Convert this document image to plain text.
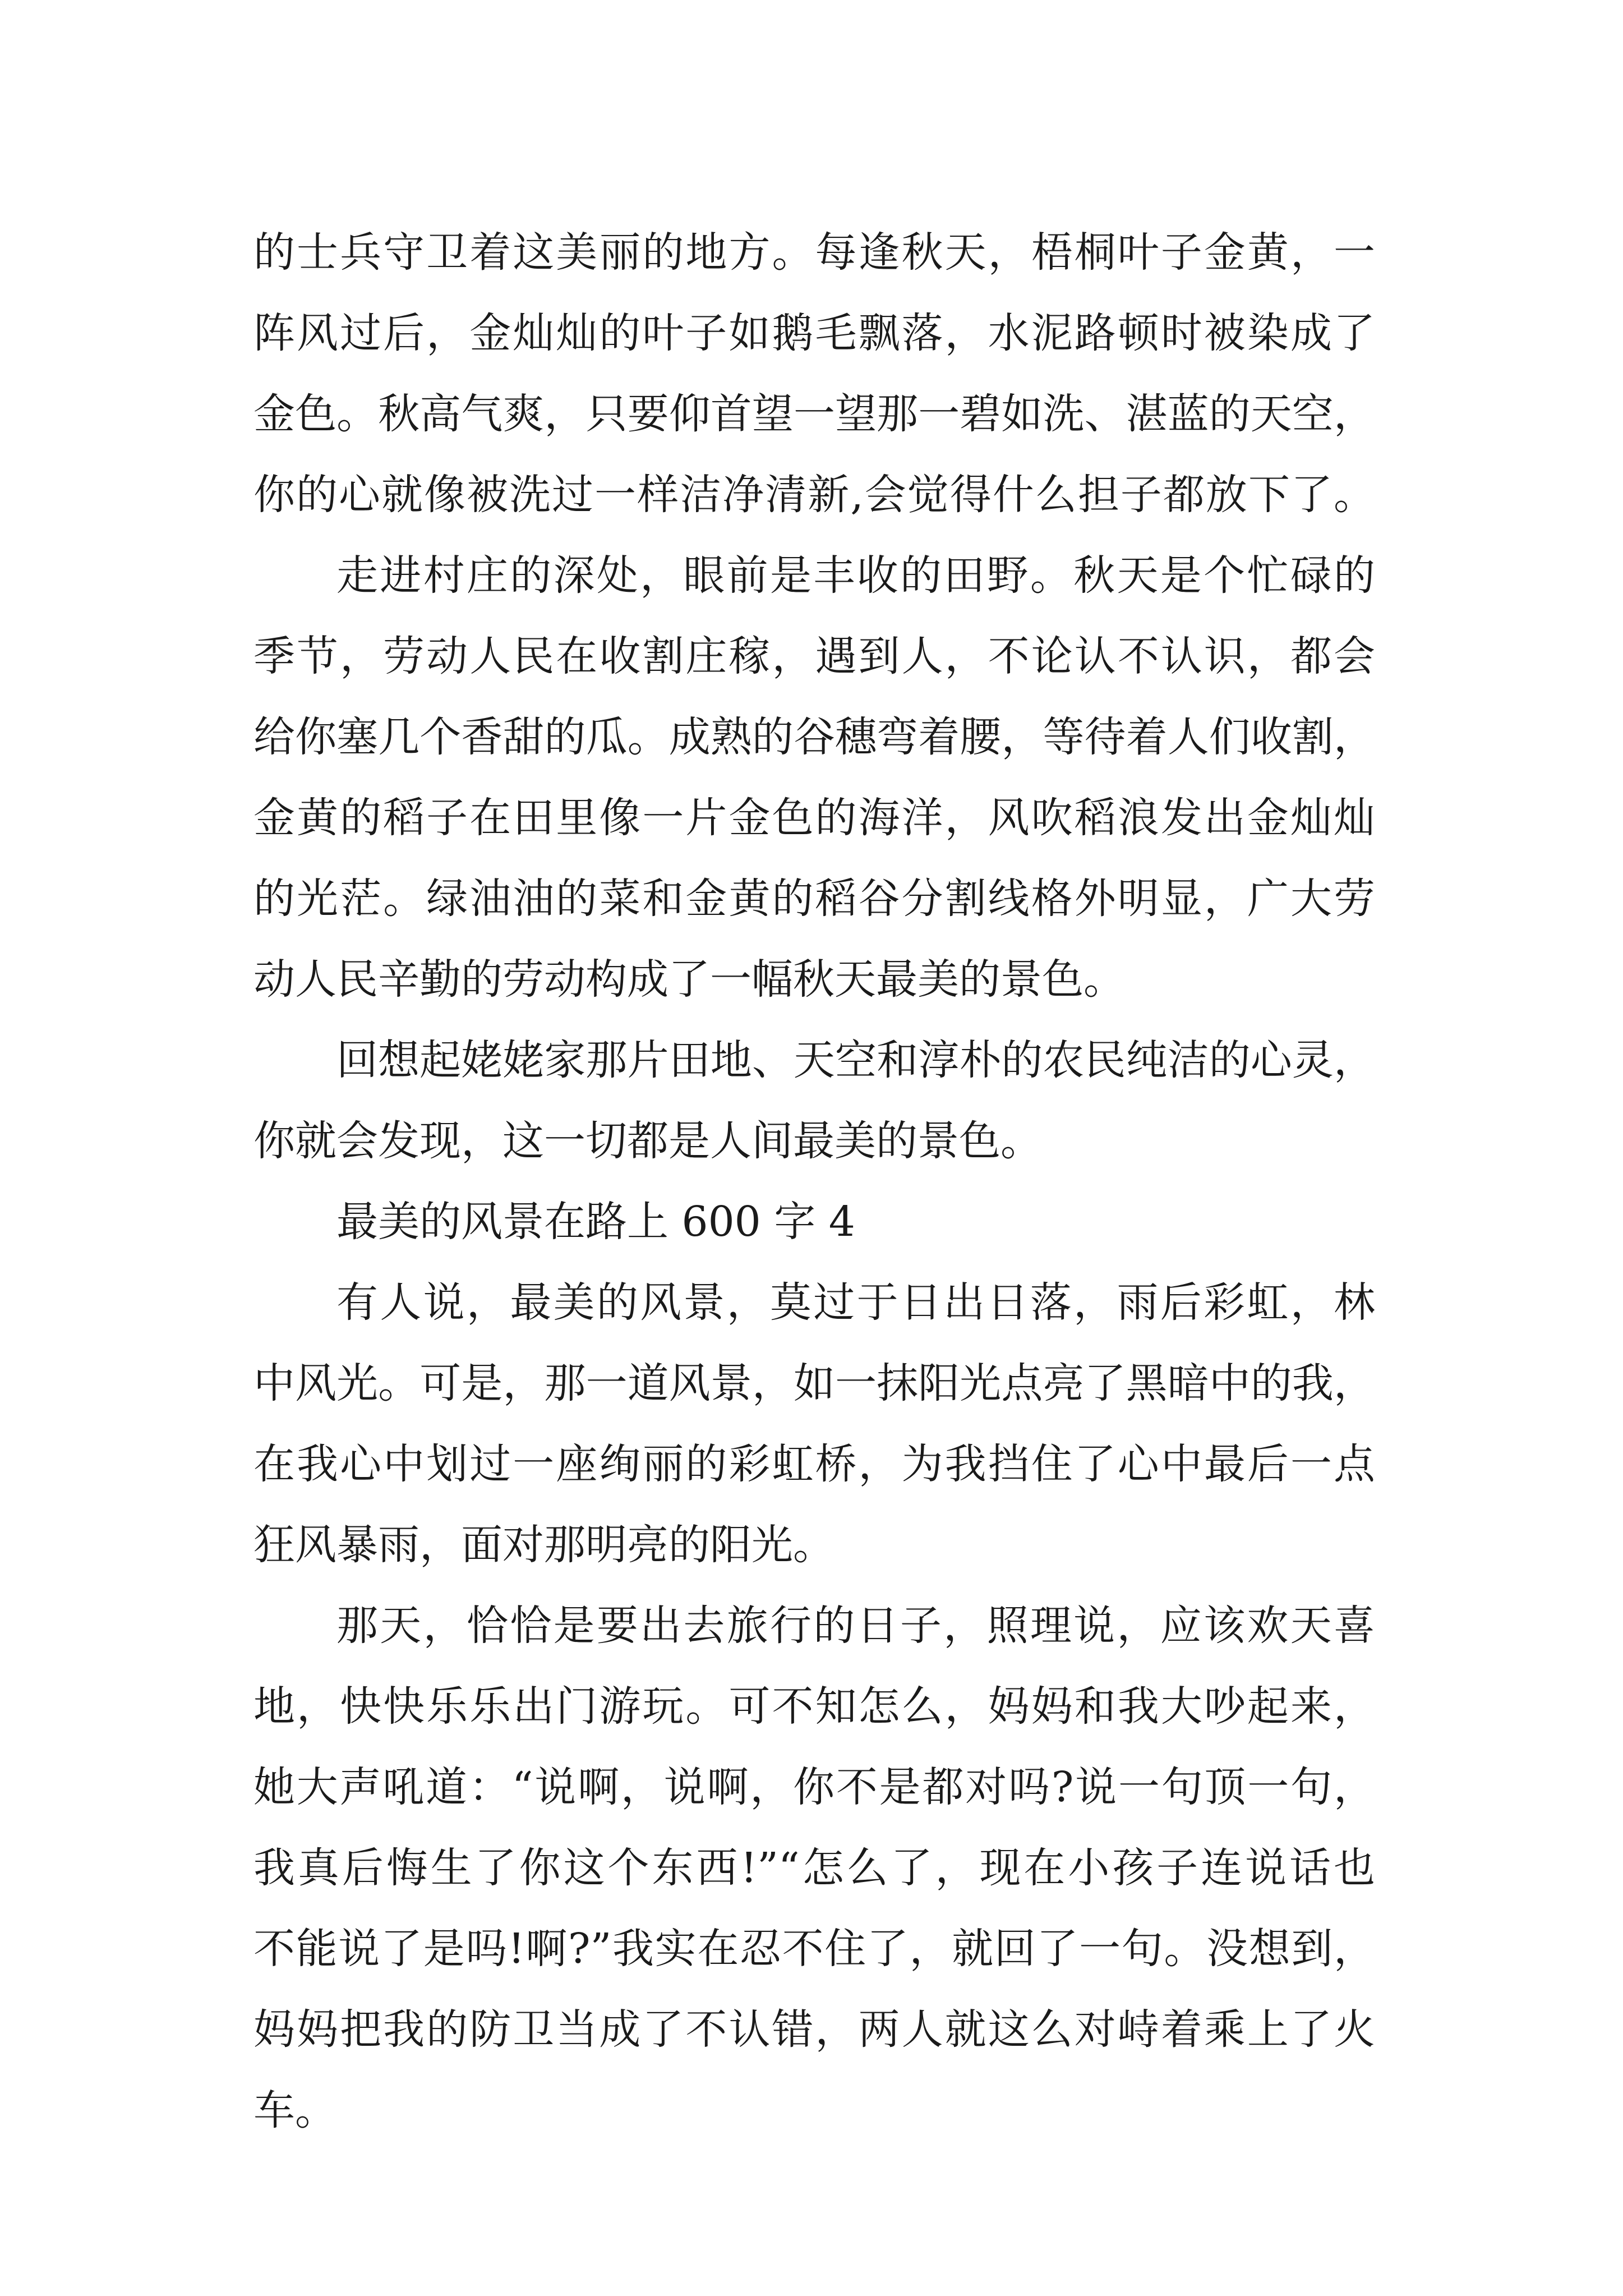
的士兵守卫着这美丽的地方。每逢秋天，梧桐叶子金黄，一
阵风过后，金灿灿的叶子如鹅毛飘落，水泥路顿时被染成了
金色。秋高气爽，只要仰首望一望那一碧如洗、湛蓝的天空，
你的心就像被洗过一样洁净清新,会觉得什么担子都放下了。
走进村庄的深处，眼前是丰收的田野。秋天是个忙碌的
季节，劳动人民在收割庄稼，遇到人，不论认不认识，都会
给你塞几个香甜的瓜。成熟的谷穗弯着腰，等待着人们收割，
金黄的稻子在田里像一片金色的海洋，风吹稻浪发出金灿灿
的光茫。绿油油的菜和金黄的稻谷分割线格外明显，广大劳
动人民辛勤的劳动构成了一幅秋天最美的景色。
回想起姥姥家那片田地、天空和淳朴的农民纯洁的心灵，
你就会发现，这一切都是人间最美的景色。
最美的风景在路上 600 字 4
有人说，最美的风景，莫过于日出日落，雨后彩虹，林
中风光。可是，那一道风景，如一抹阳光点亮了黑暗中的我，
在我心中划过一座绚丽的彩虹桥，为我挡住了心中最后一点
狂风暴雨，面对那明亮的阳光。
那天，恰恰是要出去旅行的日子，照理说，应该欢天喜
地，快快乐乐出门游玩。可不知怎么，妈妈和我大吵起来，
她大声吼道：“说啊，说啊，你不是都对吗?说一句顶一句，
我真后悔生了你这个东西!”“怎么了，现在小孩子连说话也
不能说了是吗!啊?”我实在忍不住了，就回了一句。没想到，
妈妈把我的防卫当成了不认错，两人就这么对峙着乘上了火
车。
